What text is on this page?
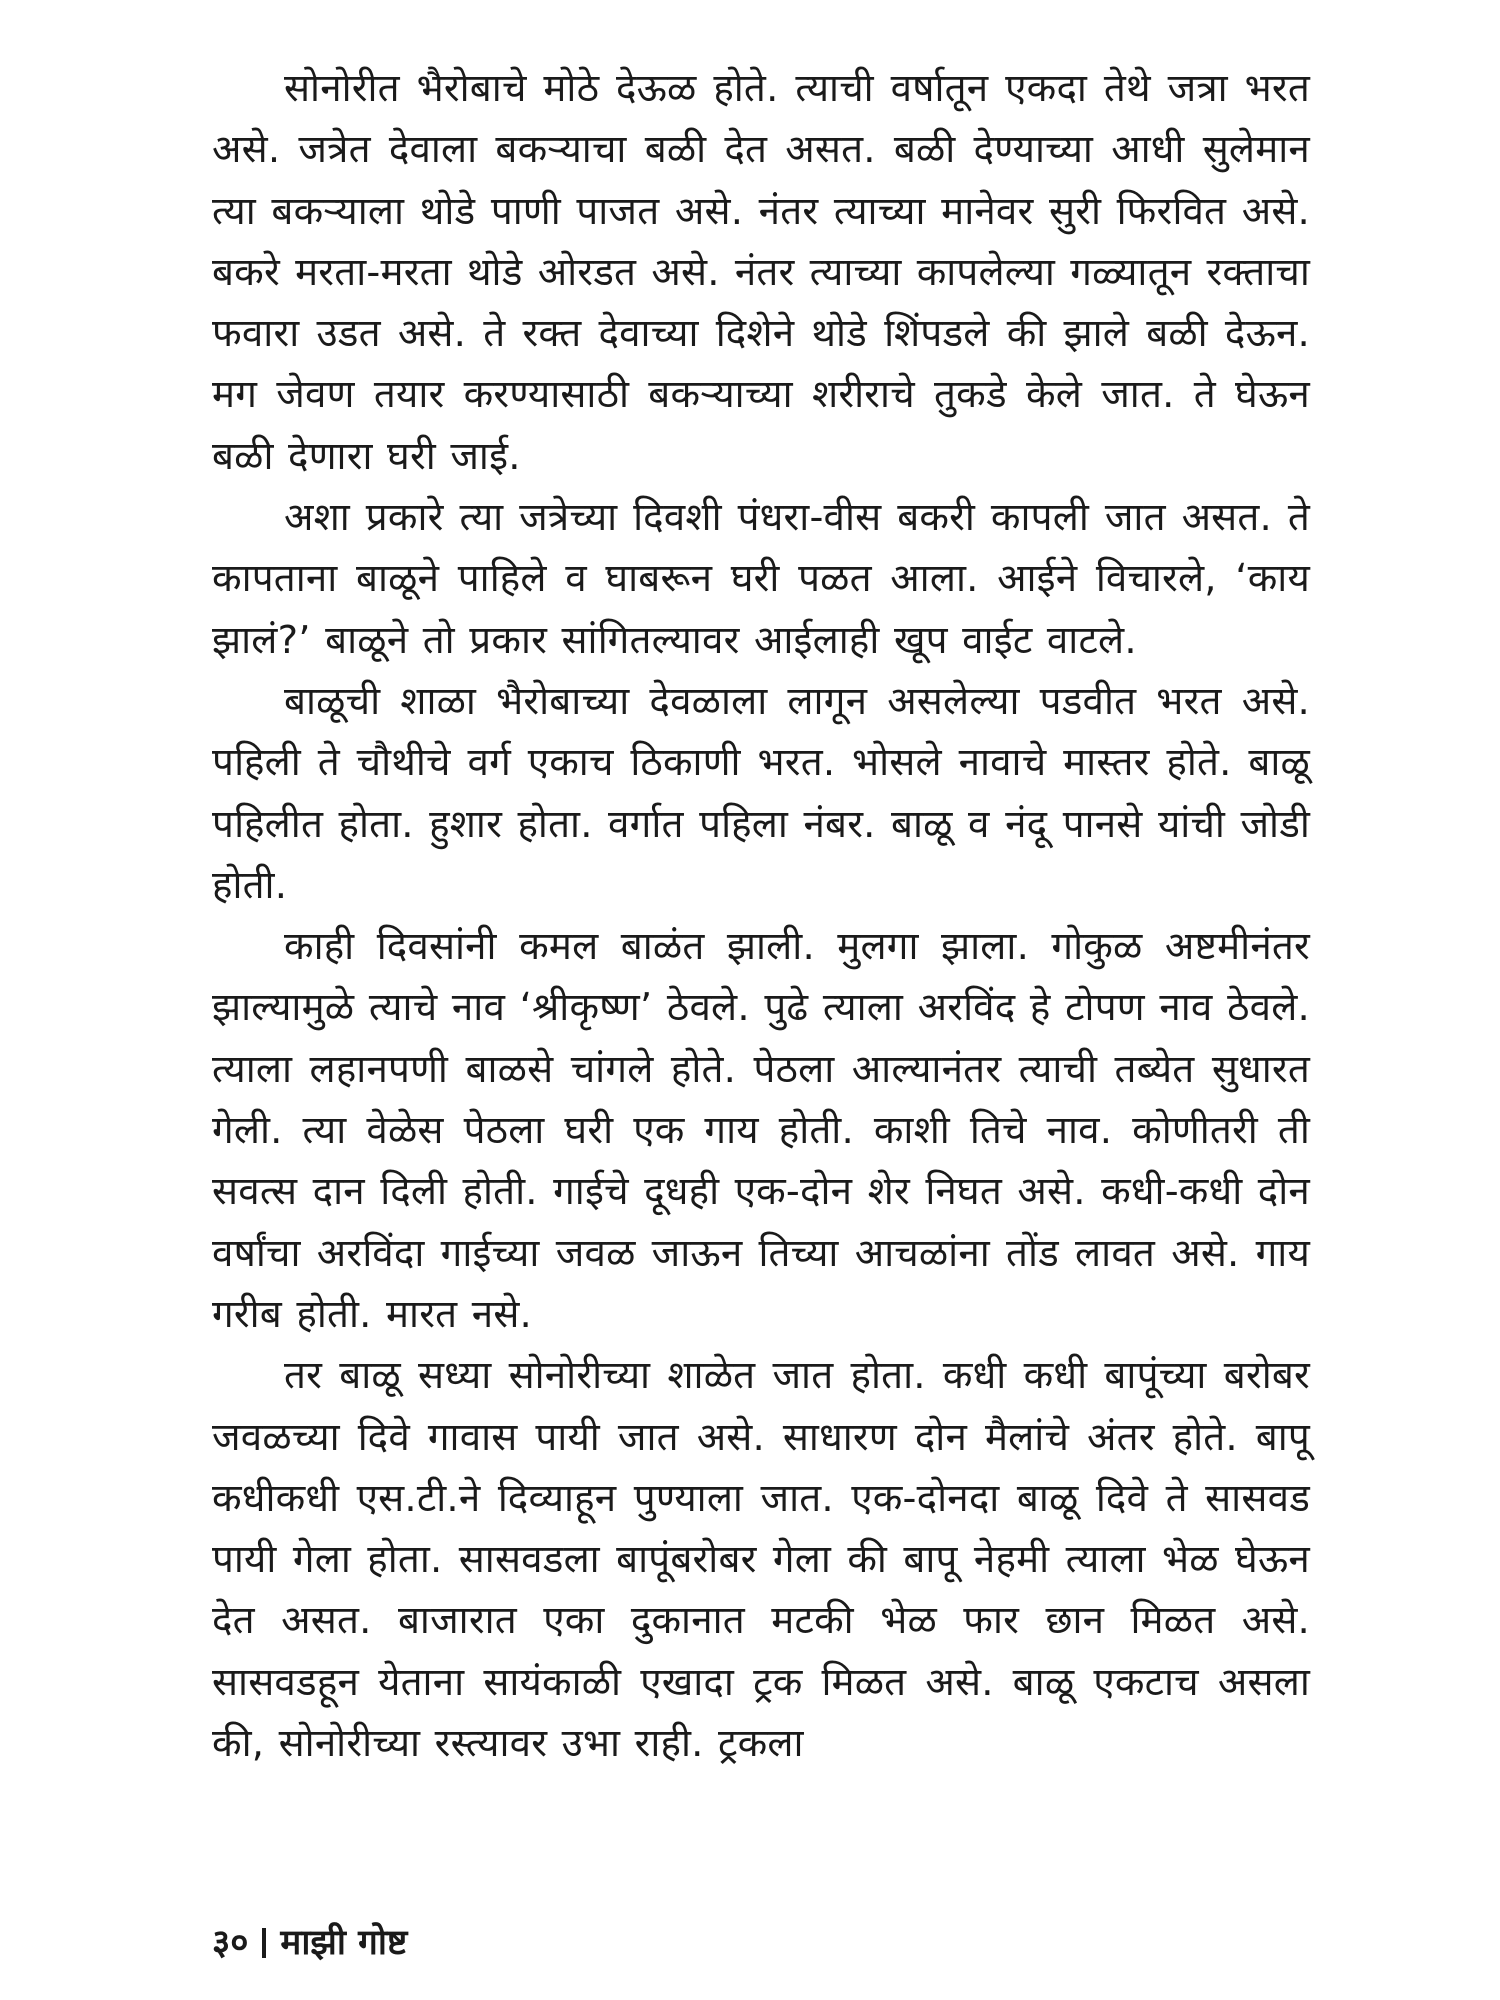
सोनोरीत भैरोबाचे मोठे देऊळ होते. त्याची वर्षातून एकदा तेथे जत्रा भरत असे. जत्रेत देवाला बकऱ्याचा बळी देत असत. बळी देण्याच्या आधी सुलेमान त्या बकऱ्याला थोडे पाणी पाजत असे. नंतर त्याच्या मानेवर सुरी फिरवित असे. बकरे मरता-मरता थोडे ओरडत असे. नंतर त्याच्या कापलेल्या गळ्यातून रक्ताचा फवारा उडत असे. ते रक्त देवाच्या दिशेने थोडे शिंपडले की झाले बळी देऊन. मग जेवण तयार करण्यासाठी बकऱ्याच्या शरीराचे तुकडे केले जात. ते घेऊन बळी देणारा घरी जाई.

अशा प्रकारे त्या जत्रेच्या दिवशी पंधरा-वीस बकरी कापली जात असत. ते कापताना बाळूने पाहिले व घाबरून घरी पळत आला. आईने विचारले, ‘काय झालं?’ बाळूने तो प्रकार सांगितल्यावर आईलाही खूप वाईट वाटले.

बाळूची शाळा भैरोबाच्या देवळाला लागून असलेल्या पडवीत भरत असे. पहिली ते चौथीचे वर्ग एकाच ठिकाणी भरत. भोसले नावाचे मास्तर होते. बाळू पहिलीत होता. हुशार होता. वर्गात पहिला नंबर. बाळू व नंदू पानसे यांची जोडी होती.

काही दिवसांनी कमल बाळंत झाली. मुलगा झाला. गोकुळ अष्टमीनंतर झाल्यामुळे त्याचे नाव ‘श्रीकृष्ण’ ठेवले. पुढे त्याला अरविंद हे टोपण नाव ठेवले. त्याला लहानपणी बाळसे चांगले होते. पेठला आल्यानंतर त्याची तब्येत सुधारत गेली. त्या वेळेस पेठला घरी एक गाय होती. काशी तिचे नाव. कोणीतरी ती सवत्स दान दिली होती. गाईचे दूधही एक-दोन शेर निघत असे. कधी-कधी दोन वर्षांचा अरविंदा गाईच्या जवळ जाऊन तिच्या आचळांना तोंड लावत असे. गाय गरीब होती. मारत नसे.

तर बाळू सध्या सोनोरीच्या शाळेत जात होता. कधी कधी बापूंच्या बरोबर जवळच्या दिवे गावास पायी जात असे. साधारण दोन मैलांचे अंतर होते. बापू कधीकधी एस.टी.ने दिव्याहून पुण्याला जात. एक-दोनदा बाळू दिवे ते सासवड पायी गेला होता. सासवडला बापूंबरोबर गेला की बापू नेहमी त्याला भेळ घेऊन देत असत. बाजारात एका दुकानात मटकी भेळ फार छान मिळत असे. सासवडहून येताना सायंकाळी एखादा ट्रक मिळत असे. बाळू एकटाच असला की, सोनोरीच्या रस्त्यावर उभा राही. ट्रकला

३० माझी गोष्ट
